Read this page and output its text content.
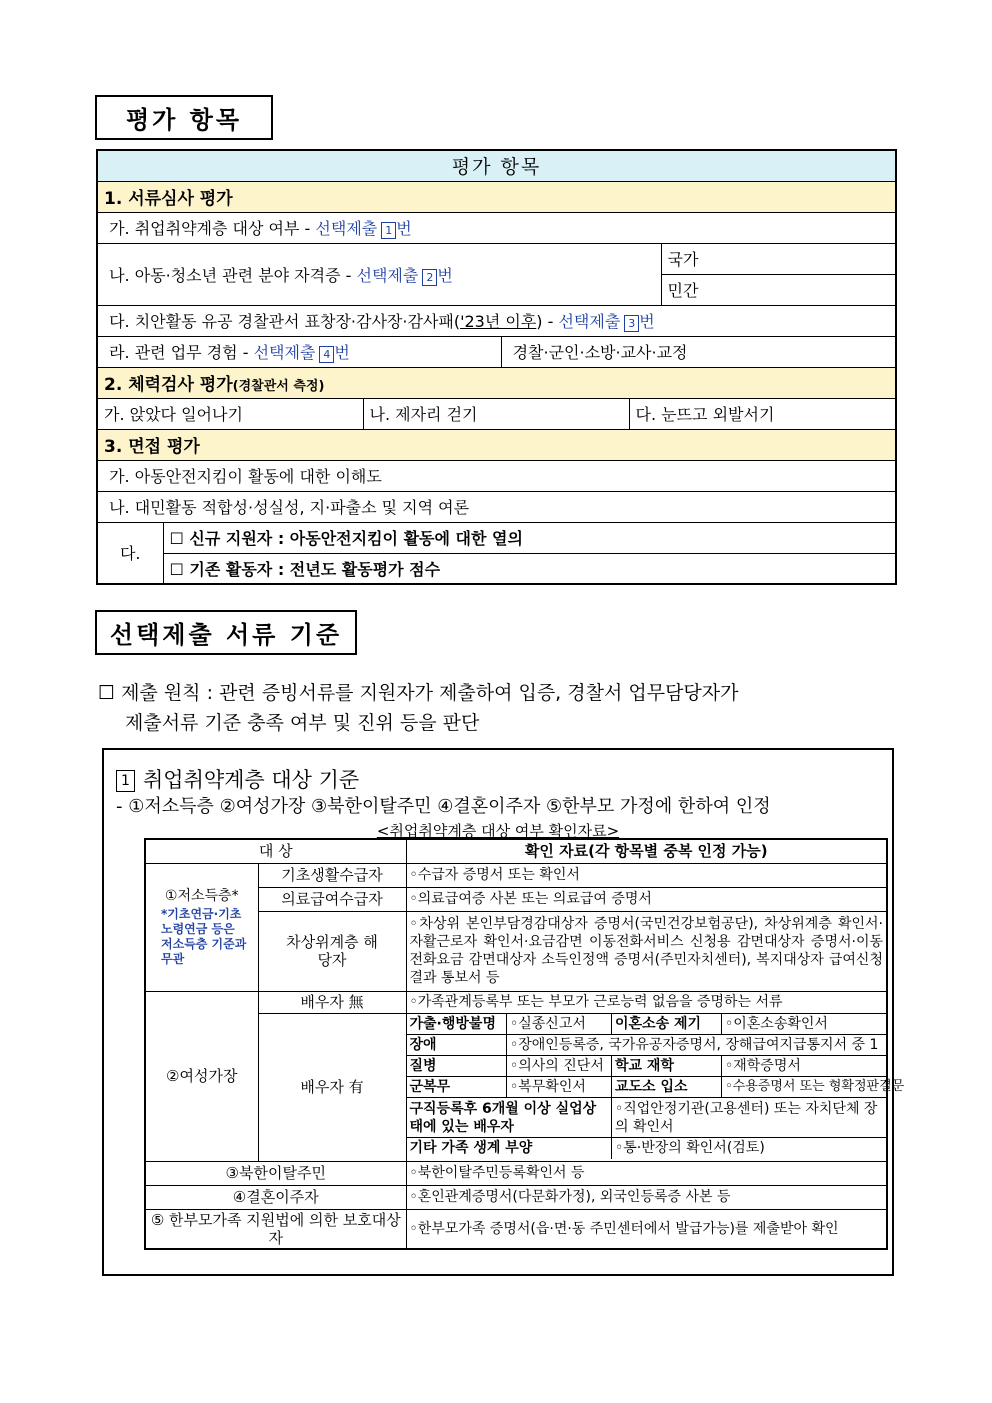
평가 항목
평가 항목					
1. 서류심사 평가					
가. 취업취약계층 대상 여부 - 선택제출 1 번					
나. 아동·청소년 관련 분야 자격증 - 선택제출 2 번					국가
					민간
다. 치안활동 유공 경찰관서 표창장·감사장·감사패('23년 이후) - 선택제출 3 번					
라. 관련 업무 경험 - 선택제출 4 번			경찰·군인·소방·교사·교정		
2. 체력검사 평가(경찰관서 측정)					
가. 앉았다 일어나기		나. 제자리 걷기		다. 눈뜨고 외발서기	
3. 면접 평가					
가. 아동안전지킴이 활동에 대한 이해도					
나. 대민활동 적합성·성실성, 지·파출소 및 지역 여론					
다.	☐ 신규 지원자 : 아동안전지킴이 활동에 대한 열의				
	☐ 기존 활동자 : 전년도 활동평가 점수				
선택제출 서류 기준
☐ 제출 원칙 : 관련 증빙서류를 지원자가 제출하여 입증, 경찰서 업무담당자가
제출서류 기준 충족 여부 및 진위 등을 판단
1 취업취약계층 대상 기준
- ①저소득층 ②여성가장 ③북한이탈주민 ④결혼이주자 ⑤한부모 가정에 한하여 인정
<취업취약계층 대상 여부 확인자료>
대 상	확인 자료(각 항목별 중복 인정 가능)

①저소득층*
*기초연금·기초노령연금 등은 저소득층 기준과 무관
	기초생활수급자	◦수급자 증명서 또는 확인서
의료급여수급자	◦의료급여증 사본 또는 의료급여 증명서
차상위계층 해당자	◦차상위 본인부담경감대상자 증명서(국민건강보험공단), 차상위계층 확인서·자활근로자 확인서·요금감면 이동전화서비스 신청용 감면대상자 증명서·이동전화요금 감면대상자 소득인정액 증명서(주민자치센터), 복지대상자 급여신청 결과 통보서 등
②여성가장	배우자 無	◦가족관계등록부 또는 부모가 근로능력 없음을 증명하는 서류
배우자 有	
가출·행방불명	◦실종신고서	이혼소송 제기	◦이혼소송확인서
장애	◦장애인등록증, 국가유공자증명서, 장해급여지급통지서 중 1
질병	◦의사의 진단서	학교 재학	◦재학증명서
군복무	◦복무확인서	교도소 입소	◦수용증명서 또는 형확정판결문
구직등록후 6개월 이상 실업상태에 있는 배우자	◦직업안정기관(고용센터) 또는 자치단체 장의 확인서
기타 가족 생계 부양	◦통·반장의 확인서(검토)

③북한이탈주민	◦북한이탈주민등록확인서 등
④결혼이주자	◦혼인관계증명서(다문화가정), 외국인등록증 사본 등
⑤ 한부모가족 지원법에 의한 보호대상자	◦한부모가족 증명서(읍·면·동 주민센터에서 발급가능)를 제출받아 확인
